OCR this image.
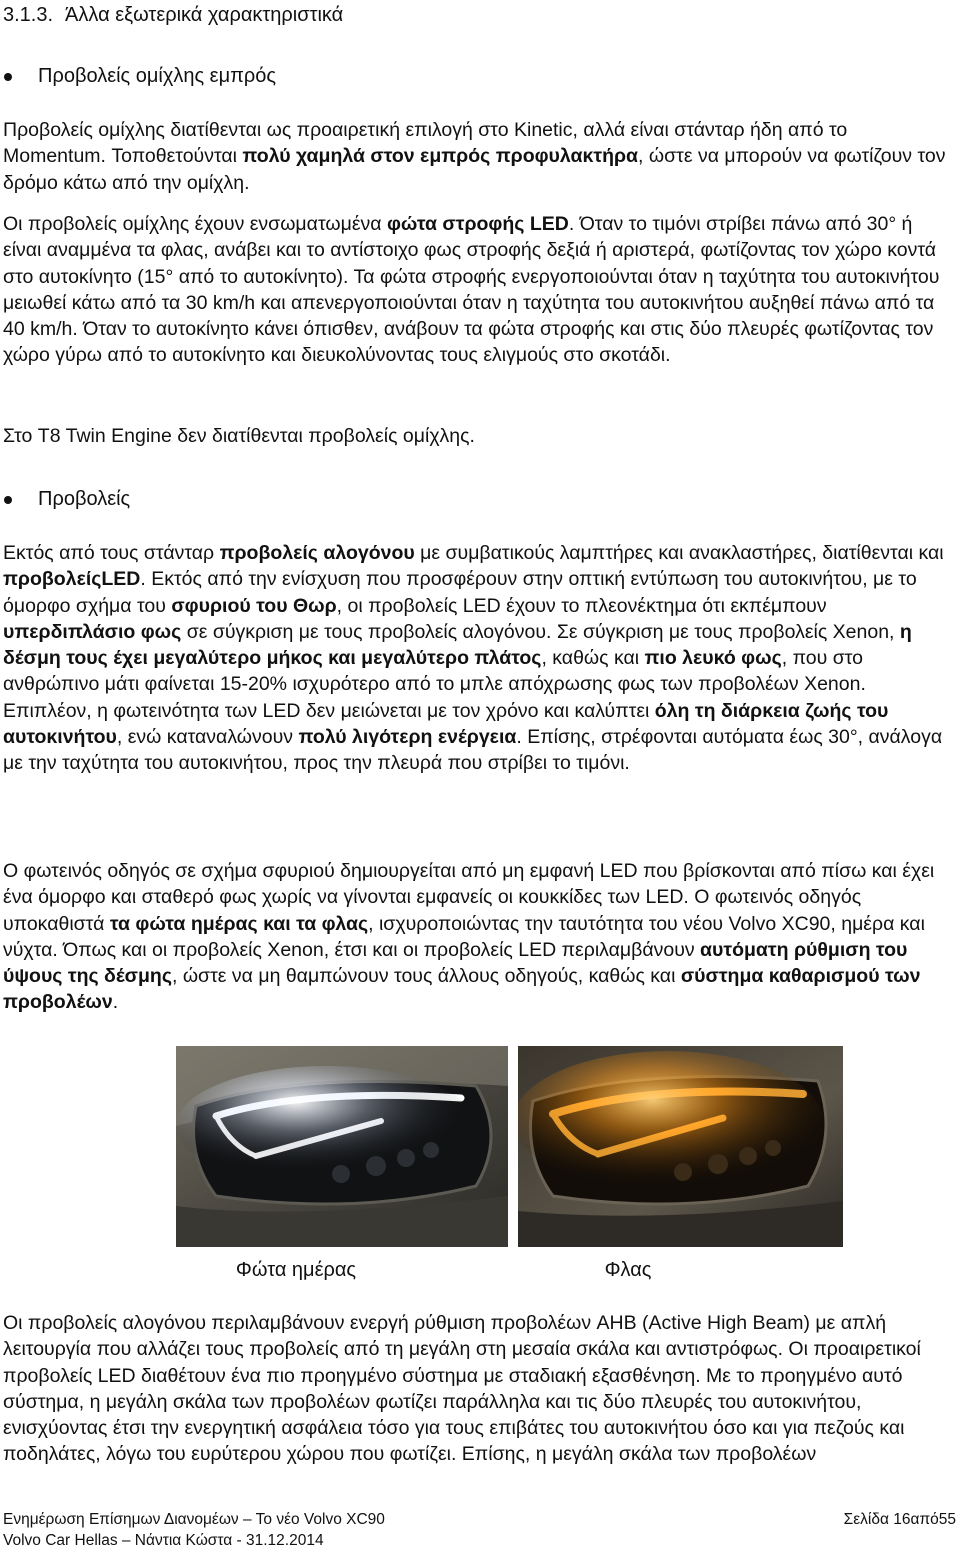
3.1.3. Άλλα εξωτερικά χαρακτηριστικά
Προβολείς ομίχλης εμπρός

Προβολείς ομίχλης διατίθενται ως προαιρετική επιλογή στο Kinetic, αλλά είναι στάνταρ ήδη από το Momentum. Τοποθετούνται πολύ χαμηλά στον εμπρός προφυλακτήρα, ώστε να μπορούν να φωτίζουν τον δρόμο κάτω από την ομίχλη.

Οι προβολείς ομίχλης έχουν ενσωματωμένα φώτα στροφής LED. Όταν το τιμόνι στρίβει πάνω από 30° ή είναι αναμμένα τα φλας, ανάβει και το αντίστοιχο φως στροφής δεξιά ή αριστερά, φωτίζοντας τον χώρο κοντά στο αυτοκίνητο (15° από το αυτοκίνητο). Τα φώτα στροφής ενεργοποιούνται όταν η ταχύτητα του αυτοκινήτου μειωθεί κάτω από τα 30 km/h και απενεργοποιούνται όταν η ταχύτητα του αυτοκινήτου αυξηθεί πάνω από τα 40 km/h. Όταν το αυτοκίνητο κάνει όπισθεν, ανάβουν τα φώτα στροφής και στις δύο πλευρές φωτίζοντας τον χώρο γύρω από το αυτοκίνητο και διευκολύνοντας τους ελιγμούς στο σκοτάδι.

Στο T8 Twin Engine δεν διατίθενται προβολείς ομίχλης.

Προβολείς

Εκτός από τους στάνταρ προβολείς αλογόνου με συμβατικούς λαμπτήρες και ανακλαστήρες, διατίθενται και προβολείςLED. Εκτός από την ενίσχυση που προσφέρουν στην οπτική εντύπωση του αυτοκινήτου, με το όμορφο σχήμα του σφυριού του Θωρ, οι προβολείς LED έχουν το πλεονέκτημα ότι εκπέμπουν υπερδιπλάσιο φως σε σύγκριση με τους προβολείς αλογόνου. Σε σύγκριση με τους προβολείς Xenon, η δέσμη τους έχει μεγαλύτερο μήκος και μεγαλύτερο πλάτος, καθώς και πιο λευκό φως, που στο ανθρώπινο μάτι φαίνεται 15-20% ισχυρότερο από το μπλε απόχρωσης φως των προβολέων Xenon. Επιπλέον, η φωτεινότητα των LED δεν μειώνεται με τον χρόνο και καλύπτει όλη τη διάρκεια ζωής του αυτοκινήτου, ενώ καταναλώνουν πολύ λιγότερη ενέργεια. Επίσης, στρέφονται αυτόματα έως 30°, ανάλογα με την ταχύτητα του αυτοκινήτου, προς την πλευρά που στρίβει το τιμόνι.

Ο φωτεινός οδηγός σε σχήμα σφυριού δημιουργείται από μη εμφανή LED που βρίσκονται από πίσω και έχει ένα όμορφο και σταθερό φως χωρίς να γίνονται εμφανείς οι κουκκίδες των LED. Ο φωτεινός οδηγός υποκαθιστά τα φώτα ημέρας και τα φλας, ισχυροποιώντας την ταυτότητα του νέου Volvo XC90, ημέρα και νύχτα. Όπως και οι προβολείς Xenon, έτσι και οι προβολείς LED περιλαμβάνουν αυτόματη ρύθμιση του ύψους της δέσμης, ώστε να μη θαμπώνουν τους άλλους οδηγούς, καθώς και σύστημα καθαρισμού των προβολέων.

Φώτα ημέρας	Φλας

Οι προβολείς αλογόνου περιλαμβάνουν ενεργή ρύθμιση προβολέων AHB (Active High Beam) με απλή λειτουργία που αλλάζει τους προβολείς από τη μεγάλη στη μεσαία σκάλα και αντιστρόφως. Οι προαιρετικοί προβολείς LED διαθέτουν ένα πιο προηγμένο σύστημα με σταδιακή εξασθένηση. Με το προηγμένο αυτό σύστημα, η μεγάλη σκάλα των προβολέων φωτίζει παράλληλα και τις δύο πλευρές του αυτοκινήτου, ενισχύοντας έτσι την ενεργητική ασφάλεια τόσο για τους επιβάτες του αυτοκινήτου όσο και για πεζούς και ποδηλάτες, λόγω του ευρύτερου χώρου που φωτίζει. Επίσης, η μεγάλη σκάλα των προβολέων

Ενημέρωση Επίσημων Διανομέων – Το νέο Volvo XC90
Volvo Car Hellas – Νάντια Κώστα - 31.12.2014
Σελίδα 16από55
